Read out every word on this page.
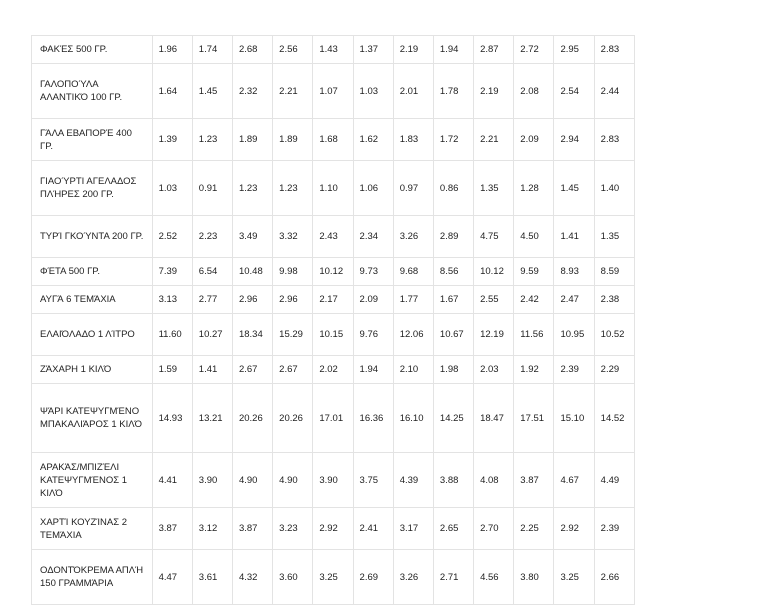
ΦΑΚΈΣ 500 ΓΡ.	1.96	1.74	2.68	2.56	1.43	1.37	2.19	1.94	2.87	2.72	2.95	2.83
ΓΑΛΟΠΟΎΛΑ ΑΛΑΝΤΙΚΌ 100 ΓΡ.	1.64	1.45	2.32	2.21	1.07	1.03	2.01	1.78	2.19	2.08	2.54	2.44
ΓΆΛΑ ΕΒΑΠΟΡΈ 400 ΓΡ.	1.39	1.23	1.89	1.89	1.68	1.62	1.83	1.72	2.21	2.09	2.94	2.83
ΓΙΑΟΎΡΤΙ ΑΓΕΛΑΔΟΣ ΠΛΉΡΕΣ 200 ΓΡ.	1.03	0.91	1.23	1.23	1.10	1.06	0.97	0.86	1.35	1.28	1.45	1.40
ΤΥΡΊ ΓΚΟΎΝΤΑ 200 ΓΡ.	2.52	2.23	3.49	3.32	2.43	2.34	3.26	2.89	4.75	4.50	1.41	1.35
ΦΈΤΑ 500 ΓΡ.	7.39	6.54	10.48	9.98	10.12	9.73	9.68	8.56	10.12	9.59	8.93	8.59
ΑΥΓΆ 6 ΤΕΜΆΧΙΑ	3.13	2.77	2.96	2.96	2.17	2.09	1.77	1.67	2.55	2.42	2.47	2.38
ΕΛΑΙΌΛΑΔΟ 1 ΛΊΤΡΟ	11.60	10.27	18.34	15.29	10.15	9.76	12.06	10.67	12.19	11.56	10.95	10.52
ΖΆΧΑΡΗ 1 ΚΙΛΌ	1.59	1.41	2.67	2.67	2.02	1.94	2.10	1.98	2.03	1.92	2.39	2.29
ΨΆΡΙ ΚΑΤΕΨΥΓΜΈΝΟ ΜΠΑΚΑΛΙΆΡΟΣ 1 ΚΙΛΌ	14.93	13.21	20.26	20.26	17.01	16.36	16.10	14.25	18.47	17.51	15.10	14.52
ΑΡΑΚΆΣ/ΜΠΙΖΈΛΙ ΚΑΤΕΨΥΓΜΈΝΟΣ 1 ΚΙΛΌ	4.41	3.90	4.90	4.90	3.90	3.75	4.39	3.88	4.08	3.87	4.67	4.49
ΧΑΡΤΊ ΚΟΥΖΊΝΑΣ 2 ΤΕΜΆΧΙΑ	3.87	3.12	3.87	3.23	2.92	2.41	3.17	2.65	2.70	2.25	2.92	2.39
ΟΔΟΝΤΌΚΡΕΜΑ ΑΠΛΉ 150 ΓΡΑΜΜΆΡΙΑ	4.47	3.61	4.32	3.60	3.25	2.69	3.26	2.71	4.56	3.80	3.25	2.66
